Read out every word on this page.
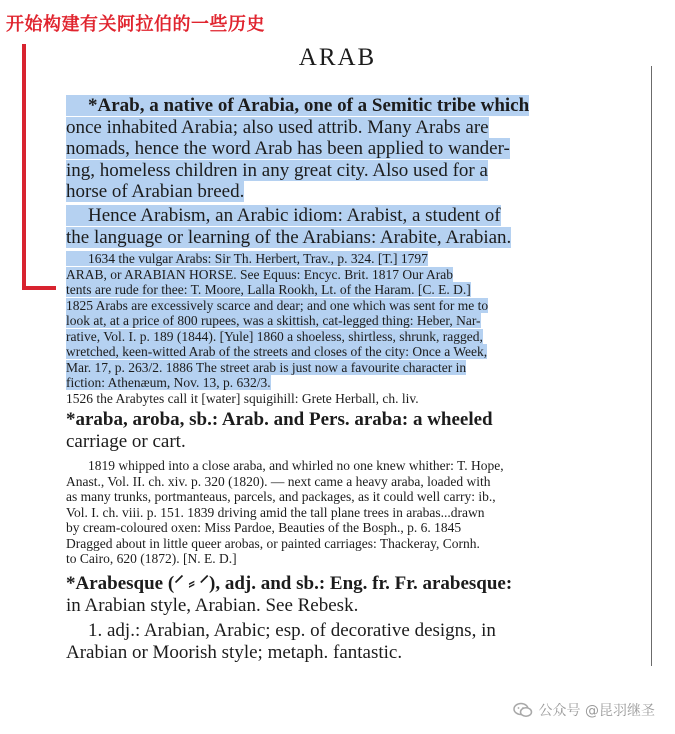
开始构建有关阿拉伯的一些历史
ARAB
*Arab, a native of Arabia, one of a Semitic tribe which
once inhabited Arabia; also used attrib. Many Arabs are
nomads, hence the word Arab has been applied to wander-
ing, homeless children in any great city. Also used for a
horse of Arabian breed.
Hence Arabism, an Arabic idiom: Arabist, a student of
the language or learning of the Arabians: Arabite, Arabian.
1634 the vulgar Arabs: Sir Th. Herbert, Trav., p. 324. [T.] 1797
ARAB, or ARABIAN HORSE. See Equus: Encyc. Brit. 1817 Our Arab
tents are rude for thee: T. Moore, Lalla Rookh, Lt. of the Haram. [C. E. D.]
1825 Arabs are excessively scarce and dear; and one which was sent for me to
look at, at a price of 800 rupees, was a skittish, cat-legged thing: Heber, Nar-
rative, Vol. I. p. 189 (1844). [Yule] 1860 a shoeless, shirtless, shrunk, ragged,
wretched, keen-witted Arab of the streets and closes of the city: Once a Week,
Mar. 17, p. 263/2. 1886 The street arab is just now a favourite character in
fiction: Athenæum, Nov. 13, p. 632/3.
1526 the Arabytes call it [water] squigihill: Grete Herball, ch. liv.
*araba, aroba, sb.: Arab. and Pers. araba: a wheeled
carriage or cart.
1819 whipped into a close araba, and whirled no one knew whither: T. Hope,
Anast., Vol. II. ch. xiv. p. 320 (1820). — next came a heavy araba, loaded with
as many trunks, portmanteaus, parcels, and packages, as it could well carry: ib.,
Vol. I. ch. viii. p. 151. 1839 driving amid the tall plane trees in arabas...drawn
by cream-coloured oxen: Miss Pardoe, Beauties of the Bosph., p. 6. 1845
Dragged about in little queer arobas, or painted carriages: Thackeray, Cornh.
to Cairo, 620 (1872). [N. E. D.]
*Arabesque (⸍ ⸗ ⸍), adj. and sb.: Eng. fr. Fr. arabesque:
in Arabian style, Arabian. See Rebesk.
1. adj.: Arabian, Arabic; esp. of decorative designs, in
Arabian or Moorish style; metaph. fantastic.
公众号 @昆羽继圣
